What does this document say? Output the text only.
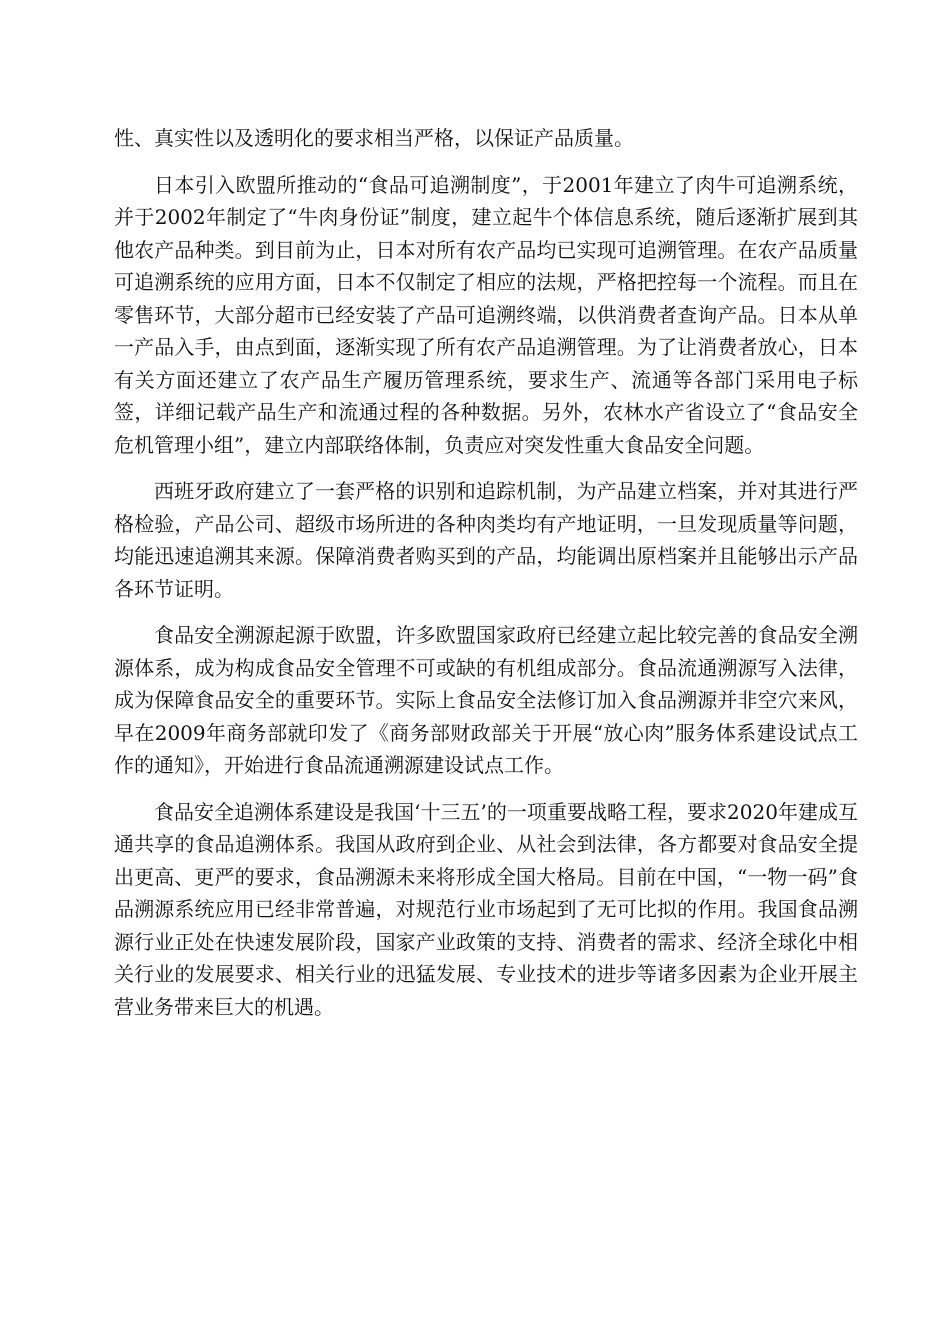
性、真实性以及透明化的要求相当严格，以保证产品质量。

日本引入欧盟所推动的“食品可追溯制度”，于2001年建立了肉牛可追溯系统，并于2002年制定了“牛肉身份证”制度，建立起牛个体信息系统，随后逐渐扩展到其他农产品种类。到目前为止，日本对所有农产品均已实现可追溯管理。在农产品质量可追溯系统的应用方面，日本不仅制定了相应的法规，严格把控每一个流程。而且在零售环节，大部分超市已经安装了产品可追溯终端，以供消费者查询产品。日本从单一产品入手，由点到面，逐渐实现了所有农产品追溯管理。为了让消费者放心，日本有关方面还建立了农产品生产履历管理系统，要求生产、流通等各部门采用电子标签，详细记载产品生产和流通过程的各种数据。另外，农林水产省设立了“食品安全危机管理小组”，建立内部联络体制，负责应对突发性重大食品安全问题。

西班牙政府建立了一套严格的识别和追踪机制，为产品建立档案，并对其进行严格检验，产品公司、超级市场所进的各种肉类均有产地证明，一旦发现质量等问题，均能迅速追溯其来源。保障消费者购买到的产品，均能调出原档案并且能够出示产品各环节证明。

食品安全溯源起源于欧盟，许多欧盟国家政府已经建立起比较完善的食品安全溯源体系，成为构成食品安全管理不可或缺的有机组成部分。食品流通溯源写入法律，成为保障食品安全的重要环节。实际上食品安全法修订加入食品溯源并非空穴来风，早在2009年商务部就印发了《商务部财政部关于开展“放心肉”服务体系建设试点工作的通知》，开始进行食品流通溯源建设试点工作。

食品安全追溯体系建设是我国‘十三五’的一项重要战略工程，要求2020年建成互通共享的食品追溯体系。我国从政府到企业、从社会到法律，各方都要对食品安全提出更高、更严的要求，食品溯源未来将形成全国大格局。目前在中国，“一物一码”食品溯源系统应用已经非常普遍，对规范行业市场起到了无可比拟的作用。我国食品溯源行业正处在快速发展阶段，国家产业政策的支持、消费者的需求、经济全球化中相关行业的发展要求、相关行业的迅猛发展、专业技术的进步等诸多因素为企业开展主营业务带来巨大的机遇。
